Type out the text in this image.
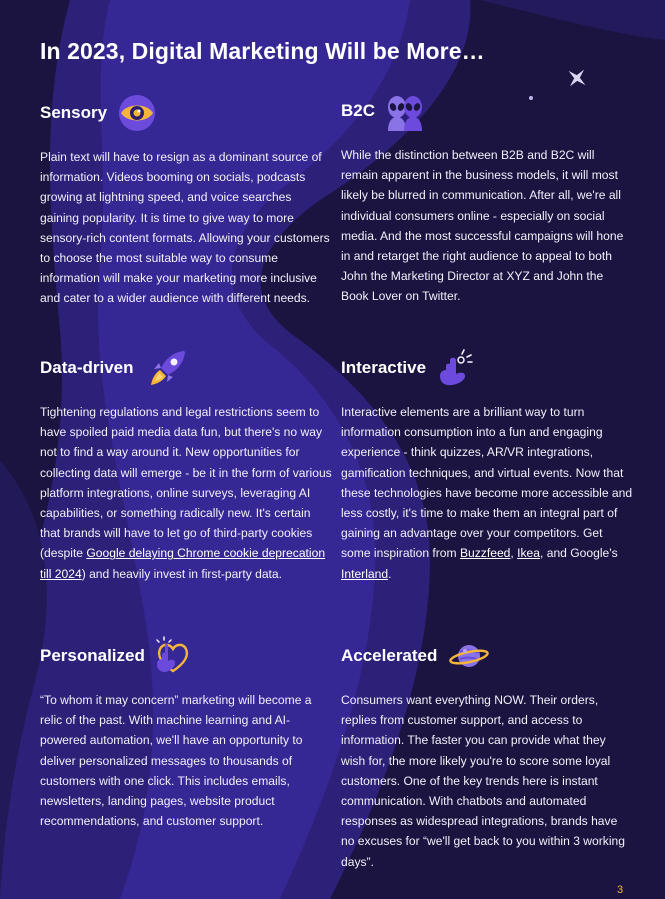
In 2023, Digital Marketing Will be More…
Sensory

Plain text will have to resign as a dominant source of information. Videos booming on socials, podcasts growing at lightning speed, and voice searches gaining popularity. It is time to give way to more sensory-rich content formats. Allowing your customers to choose the most suitable way to consume information will make your marketing more inclusive and cater to a wider audience with different needs.

B2C

While the distinction between B2B and B2C will remain apparent in the business models, it will most likely be blurred in communication. After all, we're all individual consumers online - especially on social media. And the most successful campaigns will hone in and retarget the right audience to appeal to both John the Marketing Director at XYZ and John the Book Lover on Twitter.

Data-driven

Tightening regulations and legal restrictions seem to have spoiled paid media data fun, but there's no way not to find a way around it. New opportunities for collecting data will emerge - be it in the form of various platform integrations, online surveys, leveraging AI capabilities, or something radically new. It's certain that brands will have to let go of third-party cookies (despite Google delaying Chrome cookie deprecation till 2024) and heavily invest in first-party data.

Interactive

Interactive elements are a brilliant way to turn information consumption into a fun and engaging experience - think quizzes, AR/VR integrations, gamification techniques, and virtual events. Now that these technologies have become more accessible and less costly, it's time to make them an integral part of gaining an advantage over your competitors. Get some inspiration from Buzzfeed, Ikea, and Google's Interland.

Personalized

“To whom it may concern” marketing will become a relic of the past. With machine learning and AI-powered automation, we'll have an opportunity to deliver personalized messages to thousands of customers with one click. This includes emails, newsletters, landing pages, website product recommendations, and customer support.

Accelerated

Consumers want everything NOW. Their orders, replies from customer support, and access to information. The faster you can provide what they wish for, the more likely you're to score some loyal customers. One of the key trends here is instant communication. With chatbots and automated responses as widespread integrations, brands have no excuses for “we'll get back to you within 3 working days”.

3
